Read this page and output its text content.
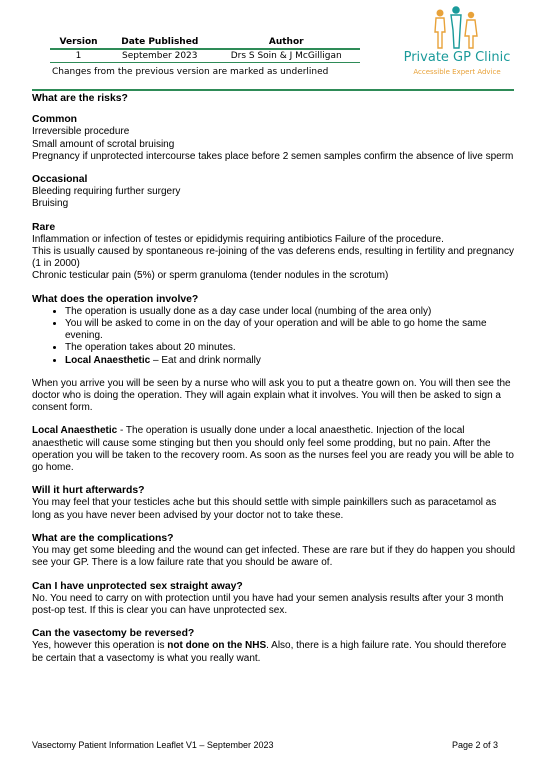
Version	Date Published	Author
1	September 2023	Drs S Soin & J McGilligan
Changes from the previous version are marked as underlined
Private GP Clinic
Accessible Expert Advice
What are the risks?
Common

Irreversible procedure

Small amount of scrotal bruising

Pregnancy if unprotected intercourse takes place before 2 semen samples confirm the absence of live sperm

Occasional

Bleeding requiring further surgery

Bruising

Rare

Inflammation or infection of testes or epididymis requiring antibiotics Failure of the procedure.

This is usually caused by spontaneous re-joining of the vas deferens ends, resulting in fertility and pregnancy

(1 in 2000)

Chronic testicular pain (5%) or sperm granuloma (tender nodules in the scrotum)

What does the operation involve?
• The operation is usually done as a day case under local (numbing of the area only)
• You will be asked to come in on the day of your operation and will be able to go home the same evening.
• The operation takes about 20 minutes.
• Local Anaesthetic – Eat and drink normally

When you arrive you will be seen by a nurse who will ask you to put a theatre gown on. You will then see the doctor who is doing the operation. They will again explain what it involves. You will then be asked to sign a consent form.

Local Anaesthetic - The operation is usually done under a local anaesthetic. Injection of the local anaesthetic will cause some stinging but then you should only feel some prodding, but no pain. After the operation you will be taken to the recovery room. As soon as the nurses feel you are ready you will be able to go home.

Will it hurt afterwards?

You may feel that your testicles ache but this should settle with simple painkillers such as paracetamol as long as you have never been advised by your doctor not to take these.

What are the complications?

You may get some bleeding and the wound can get infected. These are rare but if they do happen you should see your GP. There is a low failure rate that you should be aware of.

Can I have unprotected sex straight away?

No. You need to carry on with protection until you have had your semen analysis results after your 3 month post-op test. If this is clear you can have unprotected sex.

Can the vasectomy be reversed?

Yes, however this operation is not done on the NHS. Also, there is a high failure rate. You should therefore be certain that a vasectomy is what you really want.

Vasectomy Patient Information Leaflet V1 – September 2023	Page 2 of 3
